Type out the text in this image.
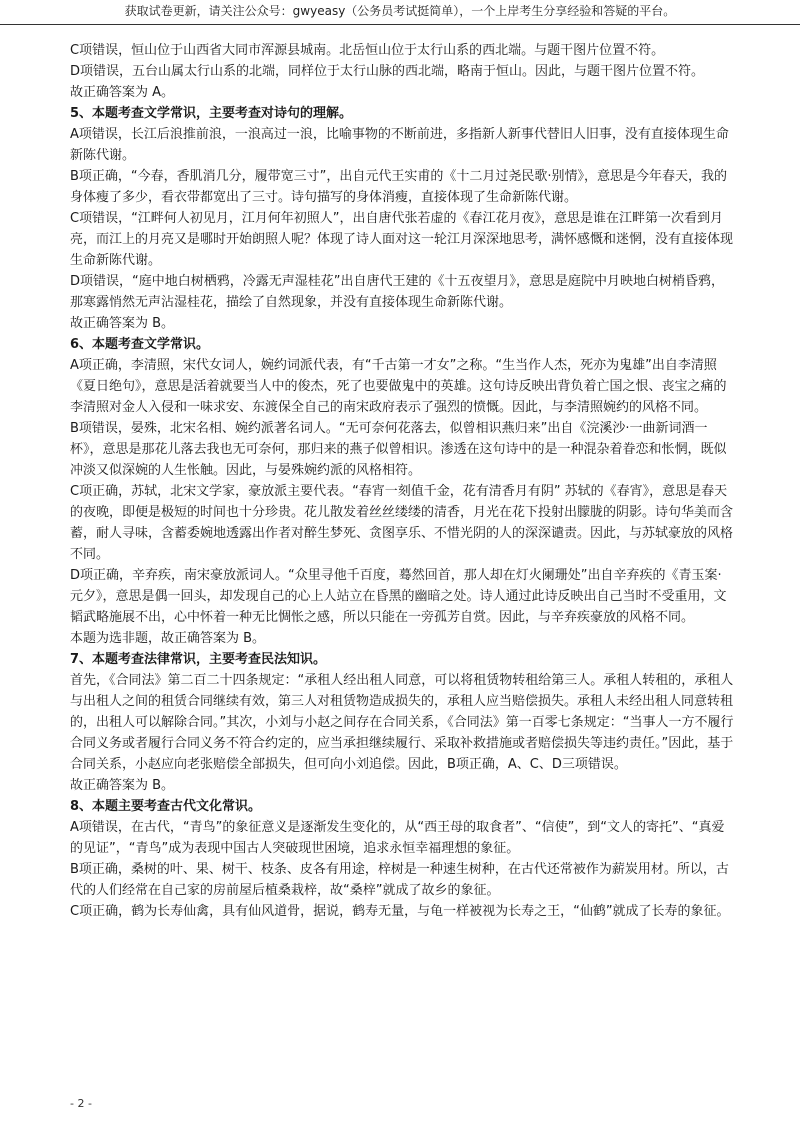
获取试卷更新，请关注公众号：gwyeasy（公务员考试挺简单），一个上岸考生分享经验和答疑的平台。

C项错误，恒山位于山西省大同市浑源县城南。北岳恒山位于太行山系的西北端。与题干图片位置不符。

D项错误，五台山属太行山系的北端，同样位于太行山脉的西北端，略南于恒山。因此，与题干图片位置不符。

故正确答案为 A。

5、本题考查文学常识，主要考查对诗句的理解。

A项错误，长江后浪推前浪，一浪高过一浪，比喻事物的不断前进，多指新人新事代替旧人旧事，没有直接体现生命新陈代谢。

B项正确，“今春，香肌消几分，履带宽三寸”，出自元代王实甫的《十二月过尧民歌·别情》，意思是今年春天，我的身体瘦了多少，看衣带都宽出了三寸。诗句描写的身体消瘦，直接体现了生命新陈代谢。

C项错误，“江畔何人初见月，江月何年初照人”，出自唐代张若虚的《春江花月夜》，意思是谁在江畔第一次看到月亮，而江上的月亮又是哪时开始朗照人呢？体现了诗人面对这一轮江月深深地思考，满怀感慨和迷惘，没有直接体现生命新陈代谢。

D项错误，“庭中地白树栖鸦，冷露无声湿桂花”出自唐代王建的《十五夜望月》，意思是庭院中月映地白树梢昏鸦，那寒露悄然无声沾湿桂花，描绘了自然现象，并没有直接体现生命新陈代谢。

故正确答案为 B。

6、本题考查文学常识。

A项正确，李清照，宋代女词人，婉约词派代表，有“千古第一才女”之称。“生当作人杰，死亦为鬼雄”出自李清照《夏日绝句》，意思是活着就要当人中的俊杰，死了也要做鬼中的英雄。这句诗反映出背负着亡国之恨、丧宝之痛的李清照对金人入侵和一味求安、东渡保全自己的南宋政府表示了强烈的愤慨。因此，与李清照婉约的风格不同。

B项错误，晏殊，北宋名相、婉约派著名词人。“无可奈何花落去，似曾相识燕归来”出自《浣溪沙·一曲新词酒一杯》，意思是那花儿落去我也无可奈何，那归来的燕子似曾相识。渗透在这句诗中的是一种混杂着眷恋和怅惘，既似冲淡又似深婉的人生怅触。因此，与晏殊婉约派的风格相符。

C项正确，苏轼，北宋文学家，豪放派主要代表。“春宵一刻值千金，花有清香月有阴” 苏轼的《春宵》，意思是春天的夜晚，即便是极短的时间也十分珍贵。花儿散发着丝丝缕缕的清香，月光在花下投射出朦胧的阴影。诗句华美而含蓄，耐人寻味，含蓄委婉地透露出作者对醉生梦死、贪图享乐、不惜光阴的人的深深谴责。因此，与苏轼豪放的风格不同。

D项正确，辛弃疾，南宋豪放派词人。“众里寻他千百度，蓦然回首，那人却在灯火阑珊处”出自辛弃疾的《青玉案·元夕》，意思是偶一回头，却发现自己的心上人站立在昏黑的幽暗之处。诗人通过此诗反映出自己当时不受重用，文韬武略施展不出，心中怀着一种无比惆怅之感，所以只能在一旁孤芳自赏。因此，与辛弃疾豪放的风格不同。

本题为选非题，故正确答案为 B。

7、本题考查法律常识，主要考查民法知识。

首先，《合同法》第二百二十四条规定：“承租人经出租人同意，可以将租赁物转租给第三人。承租人转租的，承租人与出租人之间的租赁合同继续有效，第三人对租赁物造成损失的，承租人应当赔偿损失。承租人未经出租人同意转租的，出租人可以解除合同。”其次，小刘与小赵之间存在合同关系，《合同法》第一百零七条规定：“当事人一方不履行合同义务或者履行合同义务不符合约定的，应当承担继续履行、采取补救措施或者赔偿损失等违约责任。”因此，基于合同关系，小赵应向老张赔偿全部损失，但可向小刘追偿。因此，B项正确，A、C、D三项错误。

故正确答案为 B。

8、本题主要考查古代文化常识。

A项错误，在古代，“青鸟”的象征意义是逐渐发生变化的，从“西王母的取食者”、“信使”，到“文人的寄托”、“真爱的见证”，“青鸟”成为表现中国古人突破现世困境，追求永恒幸福理想的象征。

B项正确，桑树的叶、果、树干、枝条、皮各有用途，梓树是一种速生树种，在古代还常被作为薪炭用材。所以，古代的人们经常在自己家的房前屋后植桑栽梓，故“桑梓”就成了故乡的象征。

C项正确，鹤为长寿仙禽，具有仙风道骨，据说，鹤寿无量，与龟一样被视为长寿之王，“仙鹤”就成了长寿的象征。

- 2 -
